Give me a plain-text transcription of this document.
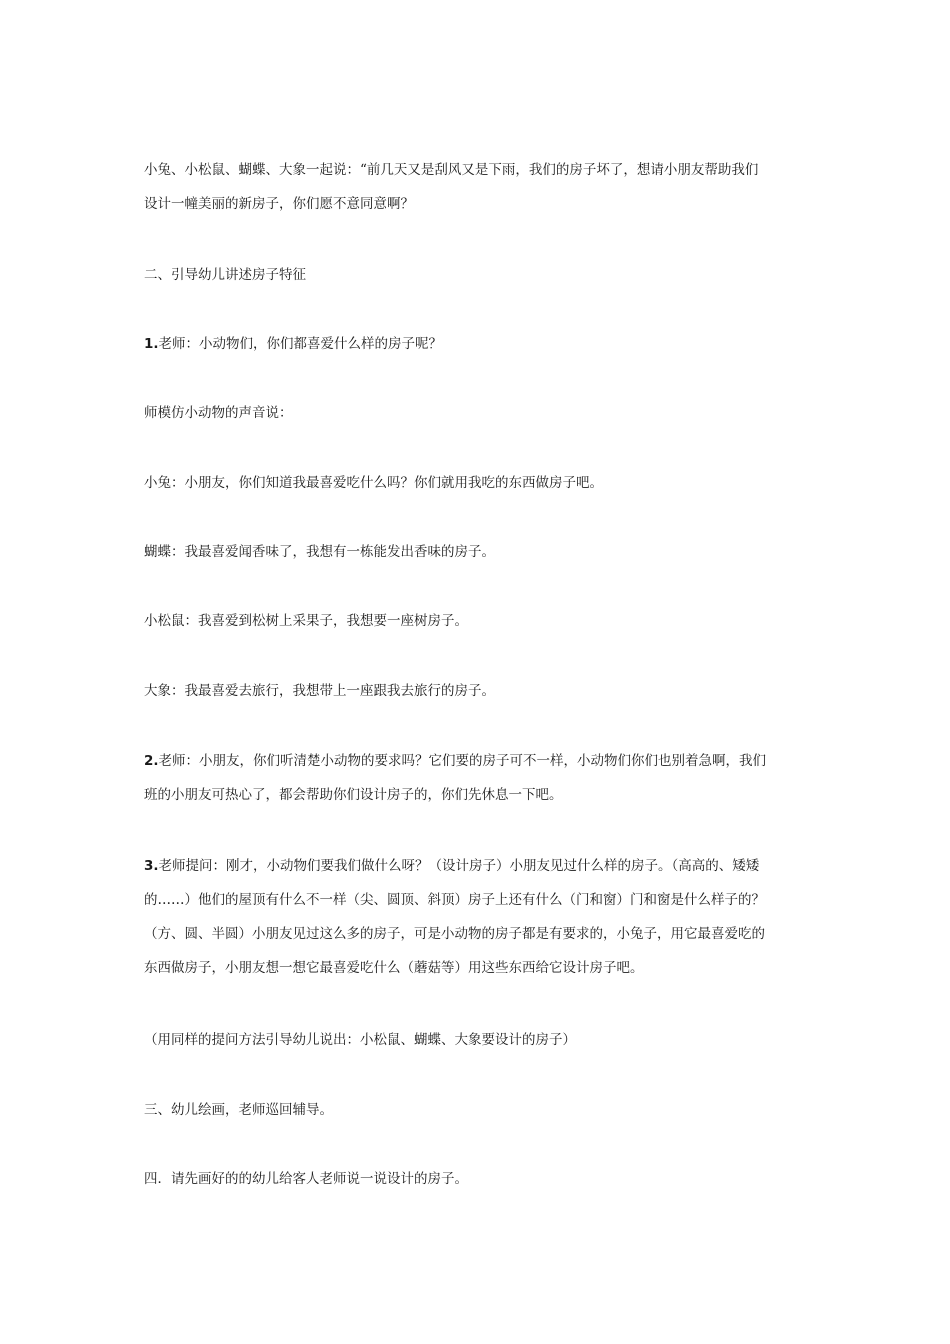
小兔、小松鼠、蝴蝶、大象一起说：“前几天又是刮风又是下雨，我们的房子坏了，想请小朋友帮助我们
设计一幢美丽的新房子，你们愿不意同意啊？
二、引导幼儿讲述房子特征
1.老师：小动物们，你们都喜爱什么样的房子呢？
师模仿小动物的声音说：
小兔：小朋友，你们知道我最喜爱吃什么吗？你们就用我吃的东西做房子吧。
蝴蝶：我最喜爱闻香味了，我想有一栋能发出香味的房子。
小松鼠：我喜爱到松树上采果子，我想要一座树房子。
大象：我最喜爱去旅行，我想带上一座跟我去旅行的房子。
2.老师：小朋友，你们听清楚小动物的要求吗？它们要的房子可不一样，小动物们你们也别着急啊，我们
班的小朋友可热心了，都会帮助你们设计房子的，你们先休息一下吧。
3.老师提问：刚才，小动物们要我们做什么呀？（设计房子）小朋友见过什么样的房子。（高高的、矮矮
的……）他们的屋顶有什么不一样（尖、圆顶、斜顶）房子上还有什么（门和窗）门和窗是什么样子的？
（方、圆、半圆）小朋友见过这么多的房子，可是小动物的房子都是有要求的，小兔子，用它最喜爱吃的
东西做房子，小朋友想一想它最喜爱吃什么（蘑菇等）用这些东西给它设计房子吧。
（用同样的提问方法引导幼儿说出：小松鼠、蝴蝶、大象要设计的房子）
三、幼儿绘画，老师巡回辅导。
四．请先画好的的幼儿给客人老师说一说设计的房子。
